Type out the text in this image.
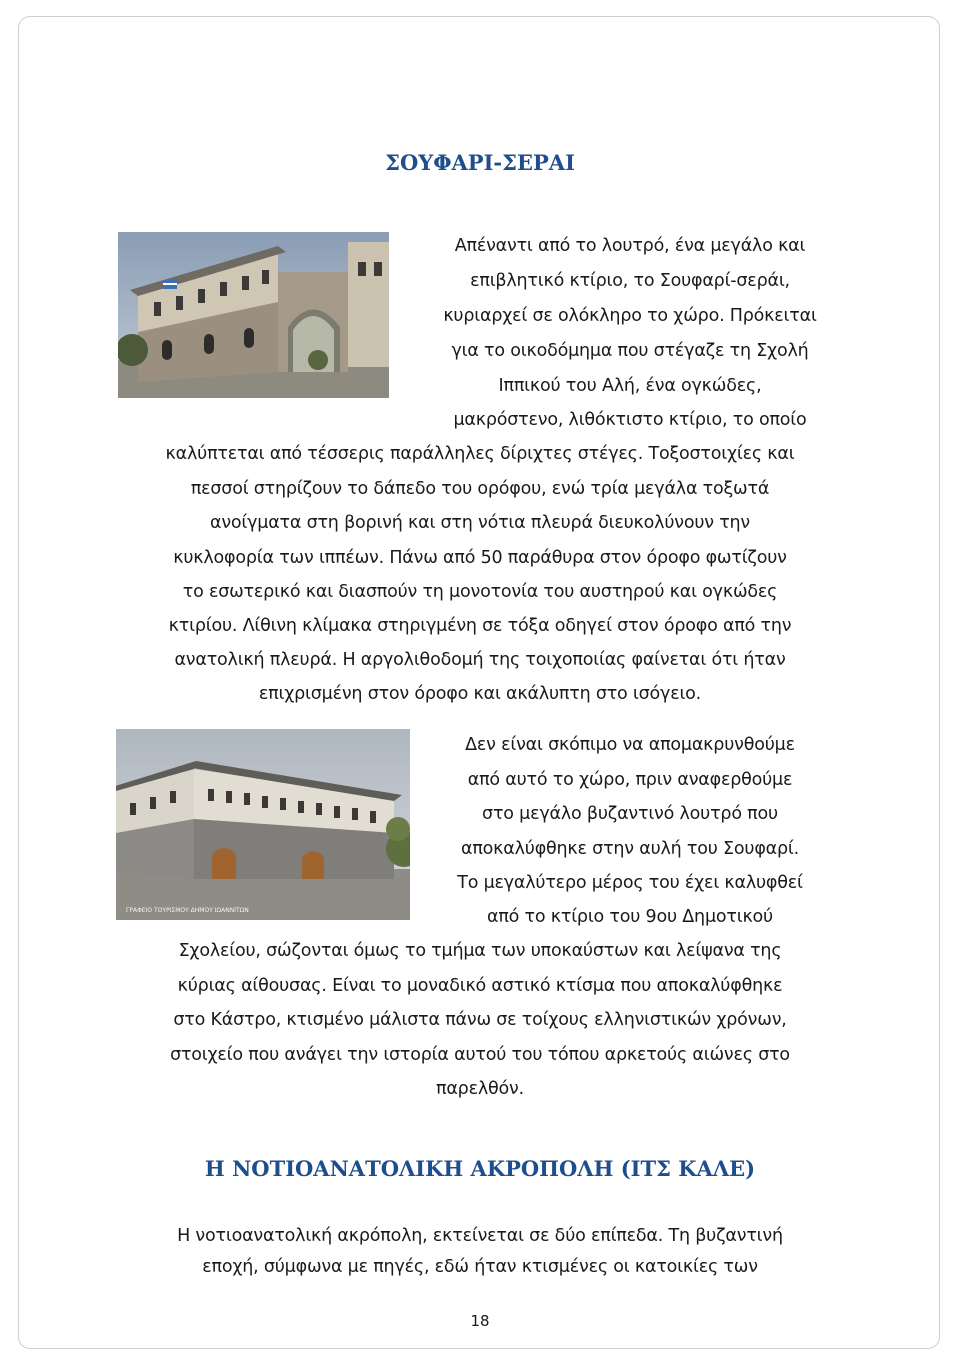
ΣΟΥΦΑΡΙ-ΣΕΡΑΙ
Απέναντι από το λουτρό, ένα μεγάλο και
επιβλητικό κτίριο, το Σουφαρί-σεράι,
κυριαρχεί σε ολόκληρο το χώρο. Πρόκειται
για το οικοδόμημα που στέγαζε τη Σχολή
Ιππικού του Αλή, ένα ογκώδες,
μακρόστενο, λιθόκτιστο κτίριο, το οποίο
καλύπτεται από τέσσερις παράλληλες δίριχτες στέγες. Τοξοστοιχίες και
πεσσοί στηρίζουν το δάπεδο του ορόφου, ενώ τρία μεγάλα τοξωτά
ανοίγματα στη βορινή και στη νότια πλευρά διευκολύνουν την
κυκλοφορία των ιππέων. Πάνω από 50 παράθυρα στον όροφο φωτίζουν
το εσωτερικό και διασπούν τη μονοτονία του αυστηρού και ογκώδες
κτιρίου. Λίθινη κλίμακα στηριγμένη σε τόξα οδηγεί στον όροφο από την
ανατολική πλευρά. Η αργολιθοδομή της τοιχοποιίας φαίνεται ότι ήταν
επιχρισμένη στον όροφο και ακάλυπτη στο ισόγειο.
ΓΡΑΦΕΙΟ ΤΟΥΡΙΣΜΟΥ ΔΗΜΟΥ ΙΩΑΝΝΙΤΩΝ
Δεν είναι σκόπιμο να απομακρυνθούμε
από αυτό το χώρο, πριν αναφερθούμε
στο μεγάλο βυζαντινό λουτρό που
αποκαλύφθηκε στην αυλή του Σουφαρί.
Το μεγαλύτερο μέρος του έχει καλυφθεί
από το κτίριο του 9ου Δημοτικού
Σχολείου, σώζονται όμως το τμήμα των υποκαύστων και λείψανα της
κύριας αίθουσας. Είναι το μοναδικό αστικό κτίσμα που αποκαλύφθηκε
στο Κάστρο, κτισμένο μάλιστα πάνω σε τοίχους ελληνιστικών χρόνων,
στοιχείο που ανάγει την ιστορία αυτού του τόπου αρκετούς αιώνες στο
παρελθόν.
Η ΝΟΤΙΟΑΝΑΤΟΛΙΚΗ ΑΚΡΟΠΟΛΗ (ΙΤΣ ΚΑΛΕ)
Η νοτιοανατολική ακρόπολη, εκτείνεται σε δύο επίπεδα. Τη βυζαντινή
εποχή, σύμφωνα με πηγές, εδώ ήταν κτισμένες οι κατοικίες των
18
